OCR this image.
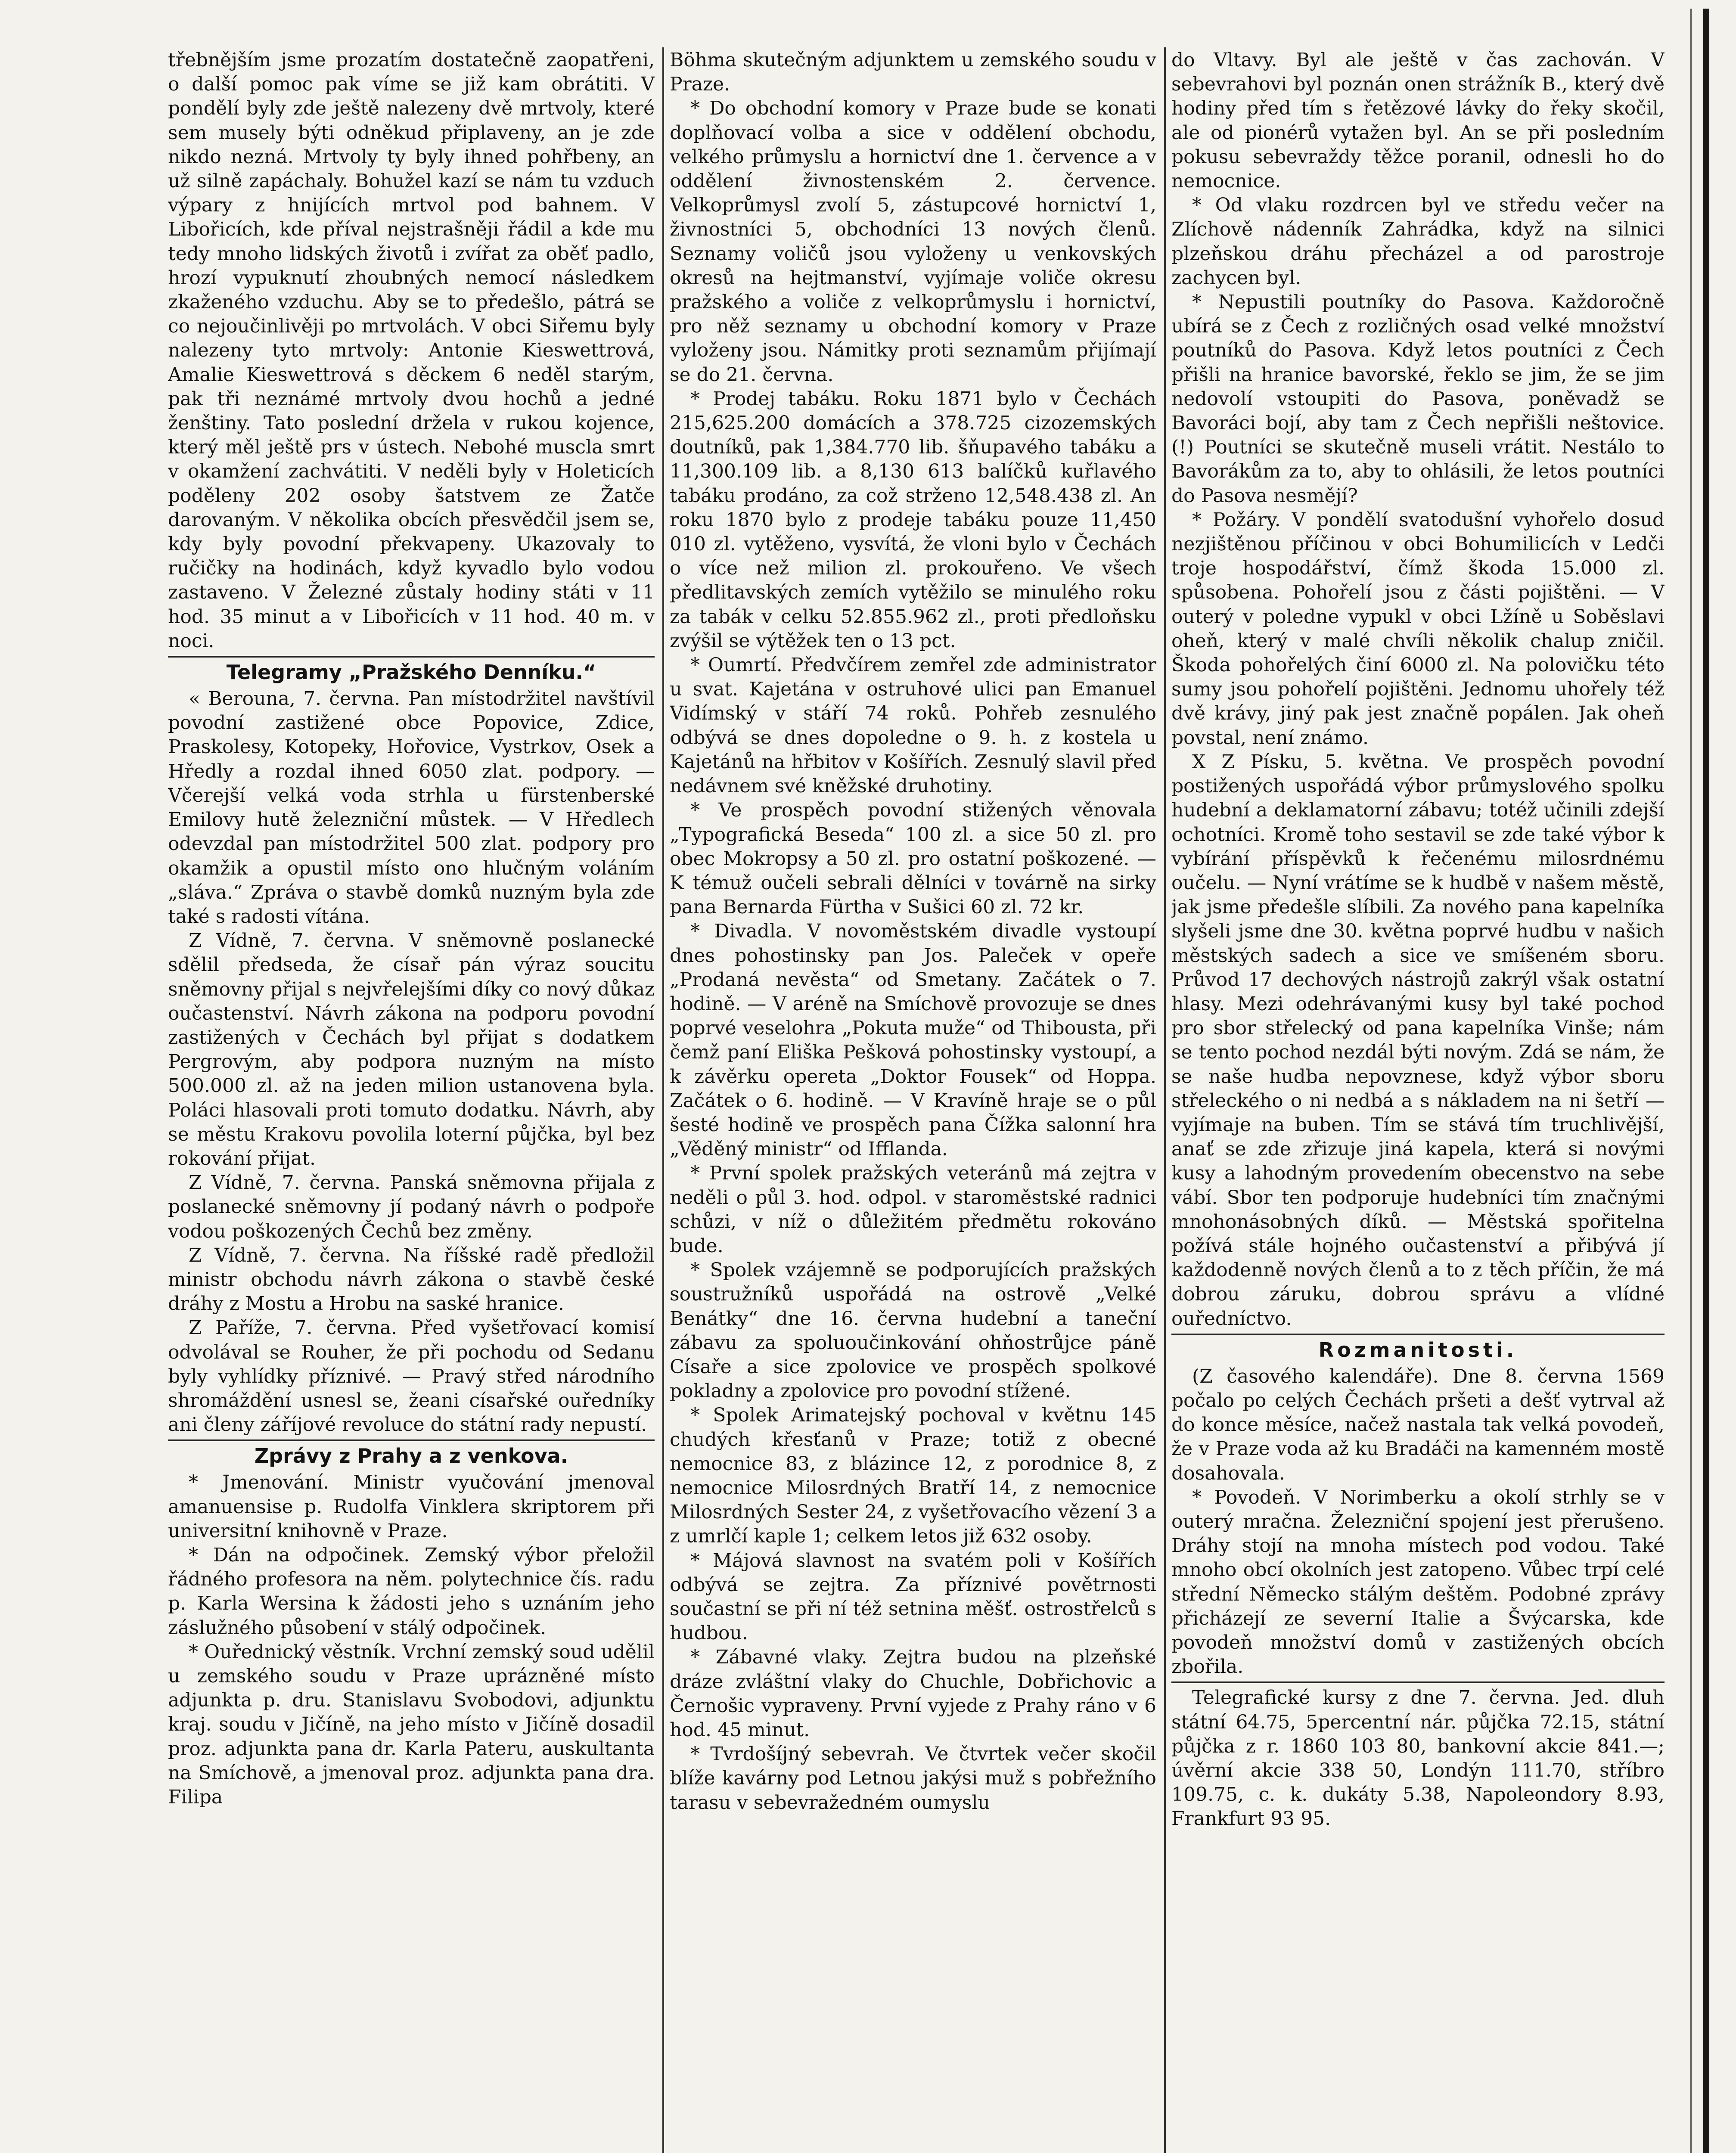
třebnějším jsme prozatím dostatečně zaopatřeni, o další pomoc pak víme se již kam obrátiti. V pondělí byly zde ještě nalezeny dvě mrtvoly, které sem musely býti odněkud připlaveny, an je zde nikdo nezná. Mrtvoly ty byly ihned pohřbeny, an už silně zapáchaly. Bohužel kazí se nám tu vzduch výpary z hnijících mrtvol pod bahnem. V Libořicích, kde příval nejstrašněji řádil a kde mu tedy mnoho lidských životů i zvířat za oběť padlo, hrozí vypuknutí zhoubných nemocí následkem zkaženého vzduchu. Aby se to předešlo, pátrá se co nejoučinlivěji po mrtvolách. V obci Siřemu byly nalezeny tyto mrtvoly: Antonie Kieswettrová, Amalie Kieswettrová s děckem 6 neděl starým, pak tři neznámé mrtvoly dvou hochů a jedné ženštiny. Tato poslední držela v rukou kojence, který měl ještě prs v ústech. Nebohé muscla smrt v okamžení zachvátiti. V neděli byly v Holeticích poděleny 202 osoby šatstvem ze Žatče darovaným. V několika obcích přesvědčil jsem se, kdy byly povodní překvapeny. Ukazovaly to ručičky na hodinách, když kyvadlo bylo vodou zastaveno. V Železné zůstaly hodiny státi v 11 hod. 35 minut a v Libořicích v 11 hod. 40 m. v noci.

Telegramy „Pražského Denníku.“

« Berouna, 7. června. Pan místodržitel navštívil povodní zastižené obce Popovice, Zdice, Praskolesy, Kotopeky, Hořovice, Vystrkov, Osek a Hředly a rozdal ihned 6050 zlat. podpory. — Včerejší velká voda strhla u fürstenberské Emilovy hutě železniční můstek. — V Hředlech odevzdal pan místodržitel 500 zlat. podpory pro okamžik a opustil místo ono hlučným voláním „sláva.“ Zpráva o stavbě domků nuzným byla zde také s radosti vítána.

Z Vídně, 7. června. V sněmovně poslanecké sdělil předseda, že císař pán výraz soucitu sněmovny přijal s nejvřelejšími díky co nový důkaz oučastenství. Návrh zákona na podporu povodní zastižených v Čechách byl přijat s dodatkem Pergrovým, aby podpora nuzným na místo 500.000 zl. až na jeden milion ustanovena byla. Poláci hlasovali proti tomuto dodatku. Návrh, aby se městu Krakovu povolila loterní půjčka, byl bez rokování přijat.

Z Vídně, 7. června. Panská sněmovna přijala z poslanecké sněmovny jí podaný návrh o podpoře vodou poškozených Čechů bez změny.

Z Vídně, 7. června. Na říšské radě předložil ministr obchodu návrh zákona o stavbě české dráhy z Mostu a Hrobu na saské hranice.

Z Paříže, 7. června. Před vyšetřovací komisí odvolával se Rouher, že při pochodu od Sedanu byly vyhlídky příznivé. — Pravý střed národního shromáždění usnesl se, žeani císařské ouředníky ani členy záříjové revoluce do státní rady nepustí.

Zprávy z Prahy a z venkova.

* Jmenování. Ministr vyučování jmenoval amanuensise p. Rudolfa Vinklera skriptorem při universitní knihovně v Praze.

* Dán na odpočinek. Zemský výbor přeložil řádného profesora na něm. polytechnice čís. radu p. Karla Wersina k žádosti jeho s uznáním jeho záslužného působení v stálý odpočinek.

* Ouřednický věstník. Vrchní zemský soud udělil u zemského soudu v Praze uprázněné místo adjunkta p. dru. Stanislavu Svobodovi, adjunktu kraj. soudu v Jičíně, na jeho místo v Jičíně dosadil proz. adjunkta pana dr. Karla Pateru, auskultanta na Smíchově, a jmenoval proz. adjunkta pana dra. Filipa

Böhma skutečným adjunktem u zemského soudu v Praze.

* Do obchodní komory v Praze bude se konati doplňovací volba a sice v oddělení obchodu, velkého průmyslu a hornictví dne 1. července a v oddělení živnostenském 2. července. Velkoprůmysl zvolí 5, zástupcové hornictví 1, živnostníci 5, obchodníci 13 nových členů. Seznamy voličů jsou vyloženy u venkovských okresů na hejtmanství, vyjímaje voliče okresu pražského a voliče z velkoprůmyslu i hornictví, pro něž seznamy u obchodní komory v Praze vyloženy jsou. Námitky proti seznamům přijímají se do 21. června.

* Prodej tabáku. Roku 1871 bylo v Čechách 215,625.200 domácích a 378.725 cizozemských doutníků, pak 1,384.770 lib. šňupavého tabáku a 11,300.109 lib. a 8,130 613 balíčků kuřlavého tabáku prodáno, za což strženo 12,548.438 zl. An roku 1870 bylo z prodeje tabáku pouze 11,450 010 zl. vytěženo, vysvítá, že vloni bylo v Čechách o více než milion zl. prokouřeno. Ve všech předlitavských zemích vytěžilo se minulého roku za tabák v celku 52.855.962 zl., proti předloňsku zvýšil se výtěžek ten o 13 pct.

* Oumrtí. Předvčírem zemřel zde administrator u svat. Kajetána v ostruhové ulici pan Emanuel Vidímský v stáří 74 roků. Pohřeb zesnulého odbývá se dnes dopoledne o 9. h. z kostela u Kajetánů na hřbitov v Košířích. Zesnulý slavil před nedávnem své kněžské druhotiny.

* Ve prospěch povodní stižených věnovala „Typografická Beseda“ 100 zl. a sice 50 zl. pro obec Mokropsy a 50 zl. pro ostatní poškozené. — K témuž oučeli sebrali dělníci v továrně na sirky pana Bernarda Fürtha v Sušici 60 zl. 72 kr.

* Divadla. V novoměstském divadle vystoupí dnes pohostinsky pan Jos. Paleček v opeře „Prodaná nevěsta“ od Smetany. Začátek o 7. hodině. — V aréně na Smíchově provozuje se dnes poprvé veselohra „Pokuta muže“ od Thibousta, při čemž paní Eliška Pešková pohostinsky vystoupí, a k závěrku opereta „Doktor Fousek“ od Hoppa. Začátek o 6. hodině. — V Kravíně hraje se o půl šesté hodině ve prospěch pana Čížka salonní hra „Věděný ministr“ od Ifflanda.

* První spolek pražských veteránů má zejtra v neděli o půl 3. hod. odpol. v staroměstské radnici schůzi, v níž o důležitém předmětu rokováno bude.

* Spolek vzájemně se podporujících pražských soustružníků uspořádá na ostrově „Velké Benátky“ dne 16. června hudební a taneční zábavu za spoluoučinkování ohňostrůjce páně Císaře a sice zpolovice ve prospěch spolkové pokladny a zpolovice pro povodní stížené.

* Spolek Arimatejský pochoval v květnu 145 chudých křesťanů v Praze; totiž z obecné nemocnice 83, z blázince 12, z porodnice 8, z nemocnice Milosrdných Bratří 14, z nemocnice Milosrdných Sester 24, z vyšetřovacího vězení 3 a z umrlčí kaple 1; celkem letos již 632 osoby.

* Májová slavnost na svatém poli v Košířích odbývá se zejtra. Za příznivé povětrnosti součastní se při ní též setnina měšť. ostrostřelců s hudbou.

* Zábavné vlaky. Zejtra budou na plzeňské dráze zvláštní vlaky do Chuchle, Dobřichovic a Černošic vypraveny. První vyjede z Prahy ráno v 6 hod. 45 minut.

* Tvrdošíjný sebevrah. Ve čtvrtek večer skočil blíže kavárny pod Letnou jakýsi muž s pobřežního tarasu v sebevražedném oumyslu

do Vltavy. Byl ale ještě v čas zachován. V sebevrahovi byl poznán onen strážník B., který dvě hodiny před tím s řetězové lávky do řeky skočil, ale od pionérů vytažen byl. An se při posledním pokusu sebevraždy těžce poranil, odnesli ho do nemocnice.

* Od vlaku rozdrcen byl ve středu večer na Zlíchově nádenník Zahrádka, když na silnici plzeňskou dráhu přecházel a od parostroje zachycen byl.

* Nepustili poutníky do Pasova. Každoročně ubírá se z Čech z rozličných osad velké množství poutníků do Pasova. Když letos poutníci z Čech přišli na hranice bavorské, řeklo se jim, že se jim nedovolí vstoupiti do Pasova, poněvadž se Bavoráci bojí, aby tam z Čech nepřišli neštovice. (!) Poutníci se skutečně museli vrátit. Nestálo to Bavorákům za to, aby to ohlásili, že letos poutníci do Pasova nesmějí?

* Požáry. V pondělí svatodušní vyhořelo dosud nezjištěnou příčinou v obci Bohumilicích v Ledči troje hospodářství, čímž škoda 15.000 zl. spůsobena. Pohořelí jsou z části pojištěni. — V outerý v poledne vypukl v obci Lžíně u Soběslavi oheň, který v malé chvíli několik chalup zničil. Škoda pohořelých činí 6000 zl. Na polovičku této sumy jsou pohořelí pojištěni. Jednomu uhořely též dvě krávy, jiný pak jest značně popálen. Jak oheň povstal, není známo.

X Z Písku, 5. května. Ve prospěch povodní postižených uspořádá výbor průmyslového spolku hudební a deklamatorní zábavu; totéž učinili zdejší ochotníci. Kromě toho sestavil se zde také výbor k vybírání příspěvků k řečenému milosrdnému oučelu. — Nyní vrátíme se k hudbě v našem městě, jak jsme předešle slíbili. Za nového pana kapelníka slyšeli jsme dne 30. května poprvé hudbu v našich městských sadech a sice ve smíšeném sboru. Průvod 17 dechových nástrojů zakrýl však ostatní hlasy. Mezi odehrávanými kusy byl také pochod pro sbor střelecký od pana kapelníka Vinše; nám se tento pochod nezdál býti novým. Zdá se nám, že se naše hudba nepovznese, když výbor sboru střeleckého o ni nedbá a s nákladem na ni šetří — vyjímaje na buben. Tím se stává tím truchlivější, anať se zde zřizuje jiná kapela, která si novými kusy a lahodným provedením obecenstvo na sebe vábí. Sbor ten podporuje hudebníci tím značnými mnohonásobných díků. — Městská spořitelna požívá stále hojného oučastenství a přibývá jí každodenně nových členů a to z těch příčin, že má dobrou záruku, dobrou správu a vlídné ouředníctvo.

Rozmanitosti.

(Z časového kalendáře). Dne 8. června 1569 počalo po celých Čechách pršeti a dešť vytrval až do konce měsíce, načež nastala tak velká povodeň, že v Praze voda až ku Bradáči na kamenném mostě dosahovala.

* Povodeň. V Norimberku a okolí strhly se v outerý mračna. Železniční spojení jest přerušeno. Dráhy stojí na mnoha místech pod vodou. Také mnoho obcí okolních jest zatopeno. Vůbec trpí celé střední Německo stálým deštěm. Podobné zprávy přicházejí ze severní Italie a Švýcarska, kde povodeň množství domů v zastižených obcích zbořila.

Telegrafické kursy z dne 7. června. Jed. dluh státní 64.75, 5percentní nár. půjčka 72.15, státní půjčka z r. 1860 103 80, bankovní akcie 841.—; úvěrní akcie 338 50, Londýn 111.70, stříbro 109.75, c. k. dukáty 5.38, Napoleondory 8.93, Frankfurt 93 95.
